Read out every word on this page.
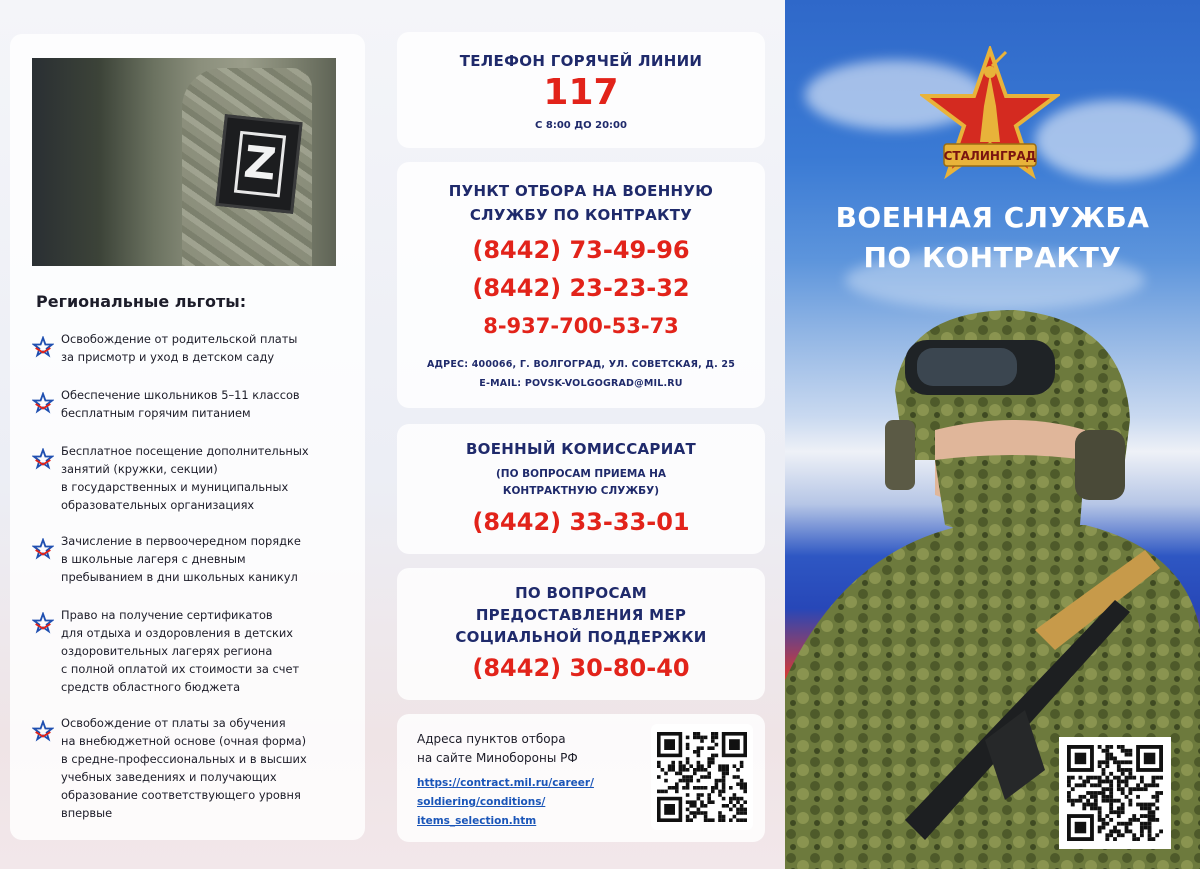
Z
Региональные льготы:
Освобождение от родительской платы
за присмотр и уход в детском саду
Обеспечение школьников 5–11 классов
бесплатным горячим питанием
Бесплатное посещение дополнительных
занятий (кружки, секции)
в государственных и муниципальных
образовательных организациях
Зачисление в первоочередном порядке
в школьные лагеря с дневным
пребыванием в дни школьных каникул
Право на получение сертификатов
для отдыха и оздоровления в детских
оздоровительных лагерях региона
с полной оплатой их стоимости за счет
средств областного бюджета
Освобождение от платы за обучения
на внебюджетной основе (очная форма)
в средне-профессиональных и в высших
учебных заведениях и получающих
образование соответствующего уровня
впервые
ТЕЛЕФОН ГОРЯЧЕЙ ЛИНИИ
117
С 8:00 ДО 20:00
ПУНКТ ОТБОРА НА ВОЕННУЮ
СЛУЖБУ ПО КОНТРАКТУ
(8442) 73-49-96
(8442) 23-23-32
8-937-700-53-73
АДРЕС: 400066, Г. ВОЛГОГРАД, УЛ. СОВЕТСКАЯ, Д. 25
E-MAIL: POVSK-VOLGOGRAD@MIL.RU
ВОЕННЫЙ КОМИССАРИАТ
(ПО ВОПРОСАМ ПРИЕМА НА
КОНТРАКТНУЮ СЛУЖБУ)
(8442) 33-33-01
ПО ВОПРОСАМ
ПРЕДОСТАВЛЕНИЯ МЕР
СОЦИАЛЬНОЙ ПОДДЕРЖКИ
(8442) 30-80-40
Адреса пунктов отбора
на сайте Минобороны РФ
https://contract.mil.ru/career/
soldiering/conditions/
items_selection.htm
СТАЛИНГРАД
ВОЕННАЯ СЛУЖБА
ПО КОНТРАКТУ
